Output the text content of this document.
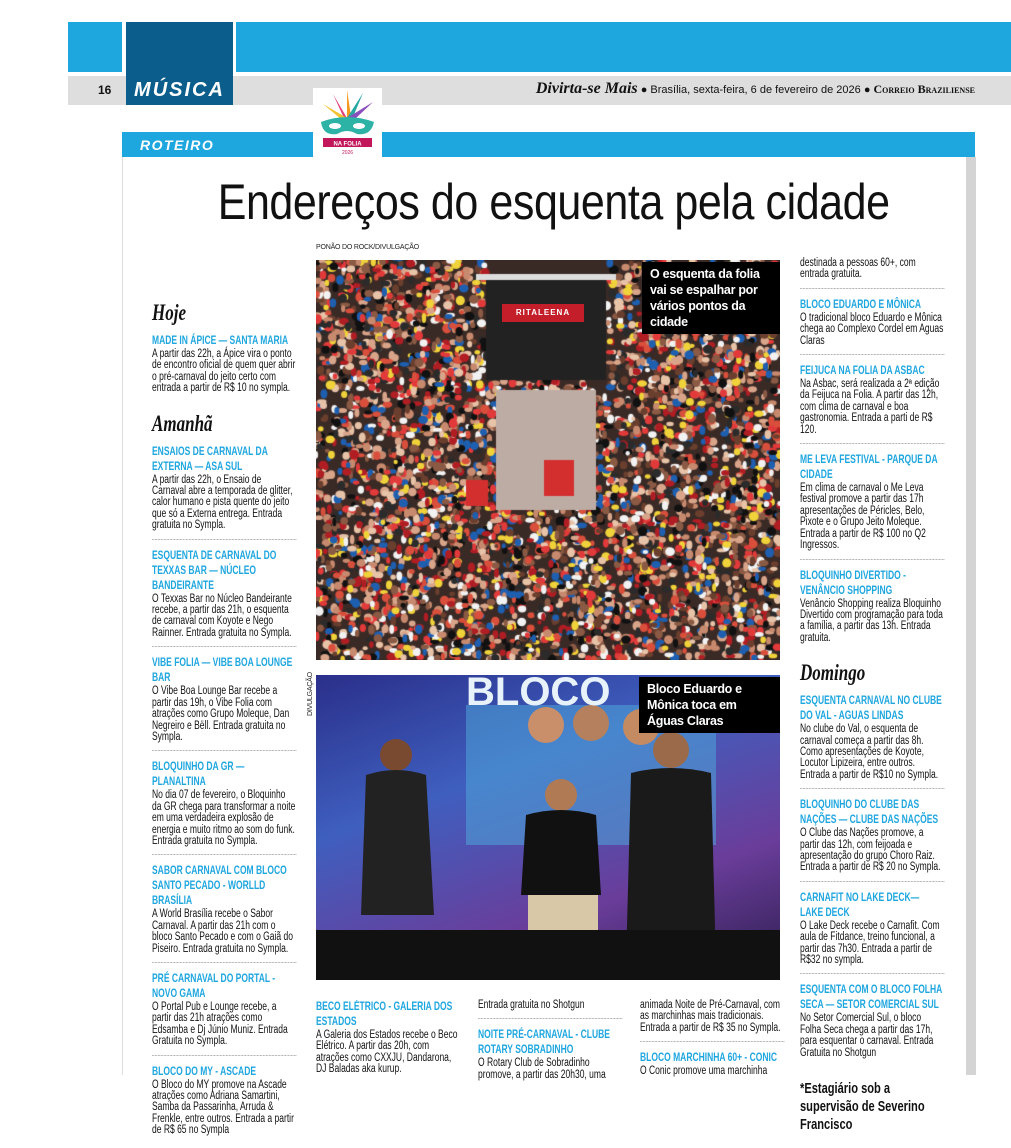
MÚSICA
16	Divirta-se Mais ● Brasília, sexta-feira, 6 de fevereiro de 2026 ● Correio Braziliense
ROTEIRO	NA FOLIA
2026
Endereços do esquenta pela cidade
PONÃO DO ROCK/DIVULGAÇÃO
RITALEENA
O esquenta da folia vai se espalhar por vários pontos da cidade
DIVULGAÇÃO	BLOCO	Bloco Eduardo e Mônica toca em Águas Claras
Hoje
MADE IN ÁPICE — SANTA MARIA
A partir das 22h, a Ápice vira o ponto de encontro oficial de quem quer abrir o pré-carnaval do jeito certo com entrada a partir de R$ 10 no sympla.
Amanhã
ENSAIOS DE CARNAVAL DA EXTERNA — ASA SUL
A partir das 22h, o Ensaio de Carnaval abre a temporada de glitter, calor humano e pista quente do jeito que só a Externa entrega. Entrada gratuita no Sympla.
ESQUENTA DE CARNAVAL DO TEXXAS BAR — NÚCLEO BANDEIRANTE
O Texxas Bar no Núcleo Bandeirante recebe, a partir das 21h, o esquenta de carnaval com Koyote e Nego Rainner. Entrada gratuita no Sympla.
VIBE FOLIA — VIBE BOA LOUNGE BAR
O Vibe Boa Lounge Bar recebe a partir das 19h, o Vibe Folia com atrações como Grupo Moleque, Dan Negreiro e Bëll. Entrada gratuita no Sympla.
BLOQUINHO DA GR — PLANALTINA
No dia 07 de fevereiro, o Bloquinho da GR chega para transformar a noite em uma verdadeira explosão de energia e muito ritmo ao som do funk. Entrada gratuita no Sympla.
SABOR CARNAVAL COM BLOCO SANTO PECADO - WORLLD BRASÍLIA
A World Brasília recebe o Sabor Carnaval. A partir das 21h com o bloco Santo Pecado e com o Gaiã do Piseiro. Entrada gratuita no Sympla.
PRÉ CARNAVAL DO PORTAL - NOVO GAMA
O Portal Pub e Lounge recebe, a partir das 21h atrações como Edsamba e Dj Júnio Muniz. Entrada Gratuita no Sympla.
BLOCO DO MY - ASCADE
O Bloco do MY promove na Ascade atrações como Adriana Samartini, Samba da Passarinha, Arruda & Frenkle, entre outros. Entrada a partir de R$ 65 no Sympla
BECO ELÉTRICO - GALERIA DOS ESTADOS
A Galeria dos Estados recebe o Beco Elétrico. A partir das 20h, com atrações como CXXJU, Dandarona, DJ Baladas aka kurup.
Entrada gratuita no Shotgun
NOITE PRÉ-CARNAVAL - CLUBE ROTARY SOBRADINHO
O Rotary Club de Sobradinho promove, a partir das 20h30, uma
animada Noite de Pré-Carnaval, com as marchinhas mais tradicionais. Entrada a partir de R$ 35 no Sympla.
BLOCO MARCHINHA 60+ - CONIC
O Conic promove uma marchinha
destinada a pessoas 60+, com entrada gratuita.
BLOCO EDUARDO E MÔNICA
O tradicional bloco Eduardo e Mônica chega ao Complexo Cordel em Aguas Claras
FEIJUCA NA FOLIA DA ASBAC
Na Asbac, será realizada a 2ª edição da Feijuca na Folia. A partir das 12h, com clima de carnaval e boa gastronomia. Entrada a parti de R$ 120.
ME LEVA FESTIVAL - PARQUE DA CIDADE
Em clima de carnaval o Me Leva festival promove a partir das 17h apresentações de Péricles, Belo, Pixote e o Grupo Jeito Moleque. Entrada a partir de R$ 100 no Q2 Ingressos.
BLOQUINHO DIVERTIDO - VENÂNCIO SHOPPING
Venâncio Shopping realiza Bloquinho Divertido com programação para toda a família, a partir das 13h. Entrada gratuita.
Domingo
ESQUENTA CARNAVAL NO CLUBE DO VAL - AGUAS LINDAS
No clube do Val, o esquenta de carnaval começa a partir das 8h. Como apresentações de Koyote, Locutor Lipizeira, entre outros. Entrada a partir de R$10 no Sympla.
BLOQUINHO DO CLUBE DAS NAÇÕES — CLUBE DAS NAÇÕES
O Clube das Nações promove, a partir das 12h, com feijoada e apresentação do grupo Choro Raiz. Entrada a partir de R$ 20 no Sympla.
CARNAFIT NO LAKE DECK— LAKE DECK
O Lake Deck recebe o Carnafit. Com aula de Fitdance, treino funcional, a partir das 7h30. Entrada a partir de R$32 no sympla.
ESQUENTA COM O BLOCO FOLHA SECA — SETOR COMERCIAL SUL
No Setor Comercial Sul, o bloco Folha Seca chega a partir das 17h, para esquentar o carnaval. Entrada Gratuita no Shotgun
*Estagiário sob a supervisão de Severino Francisco
